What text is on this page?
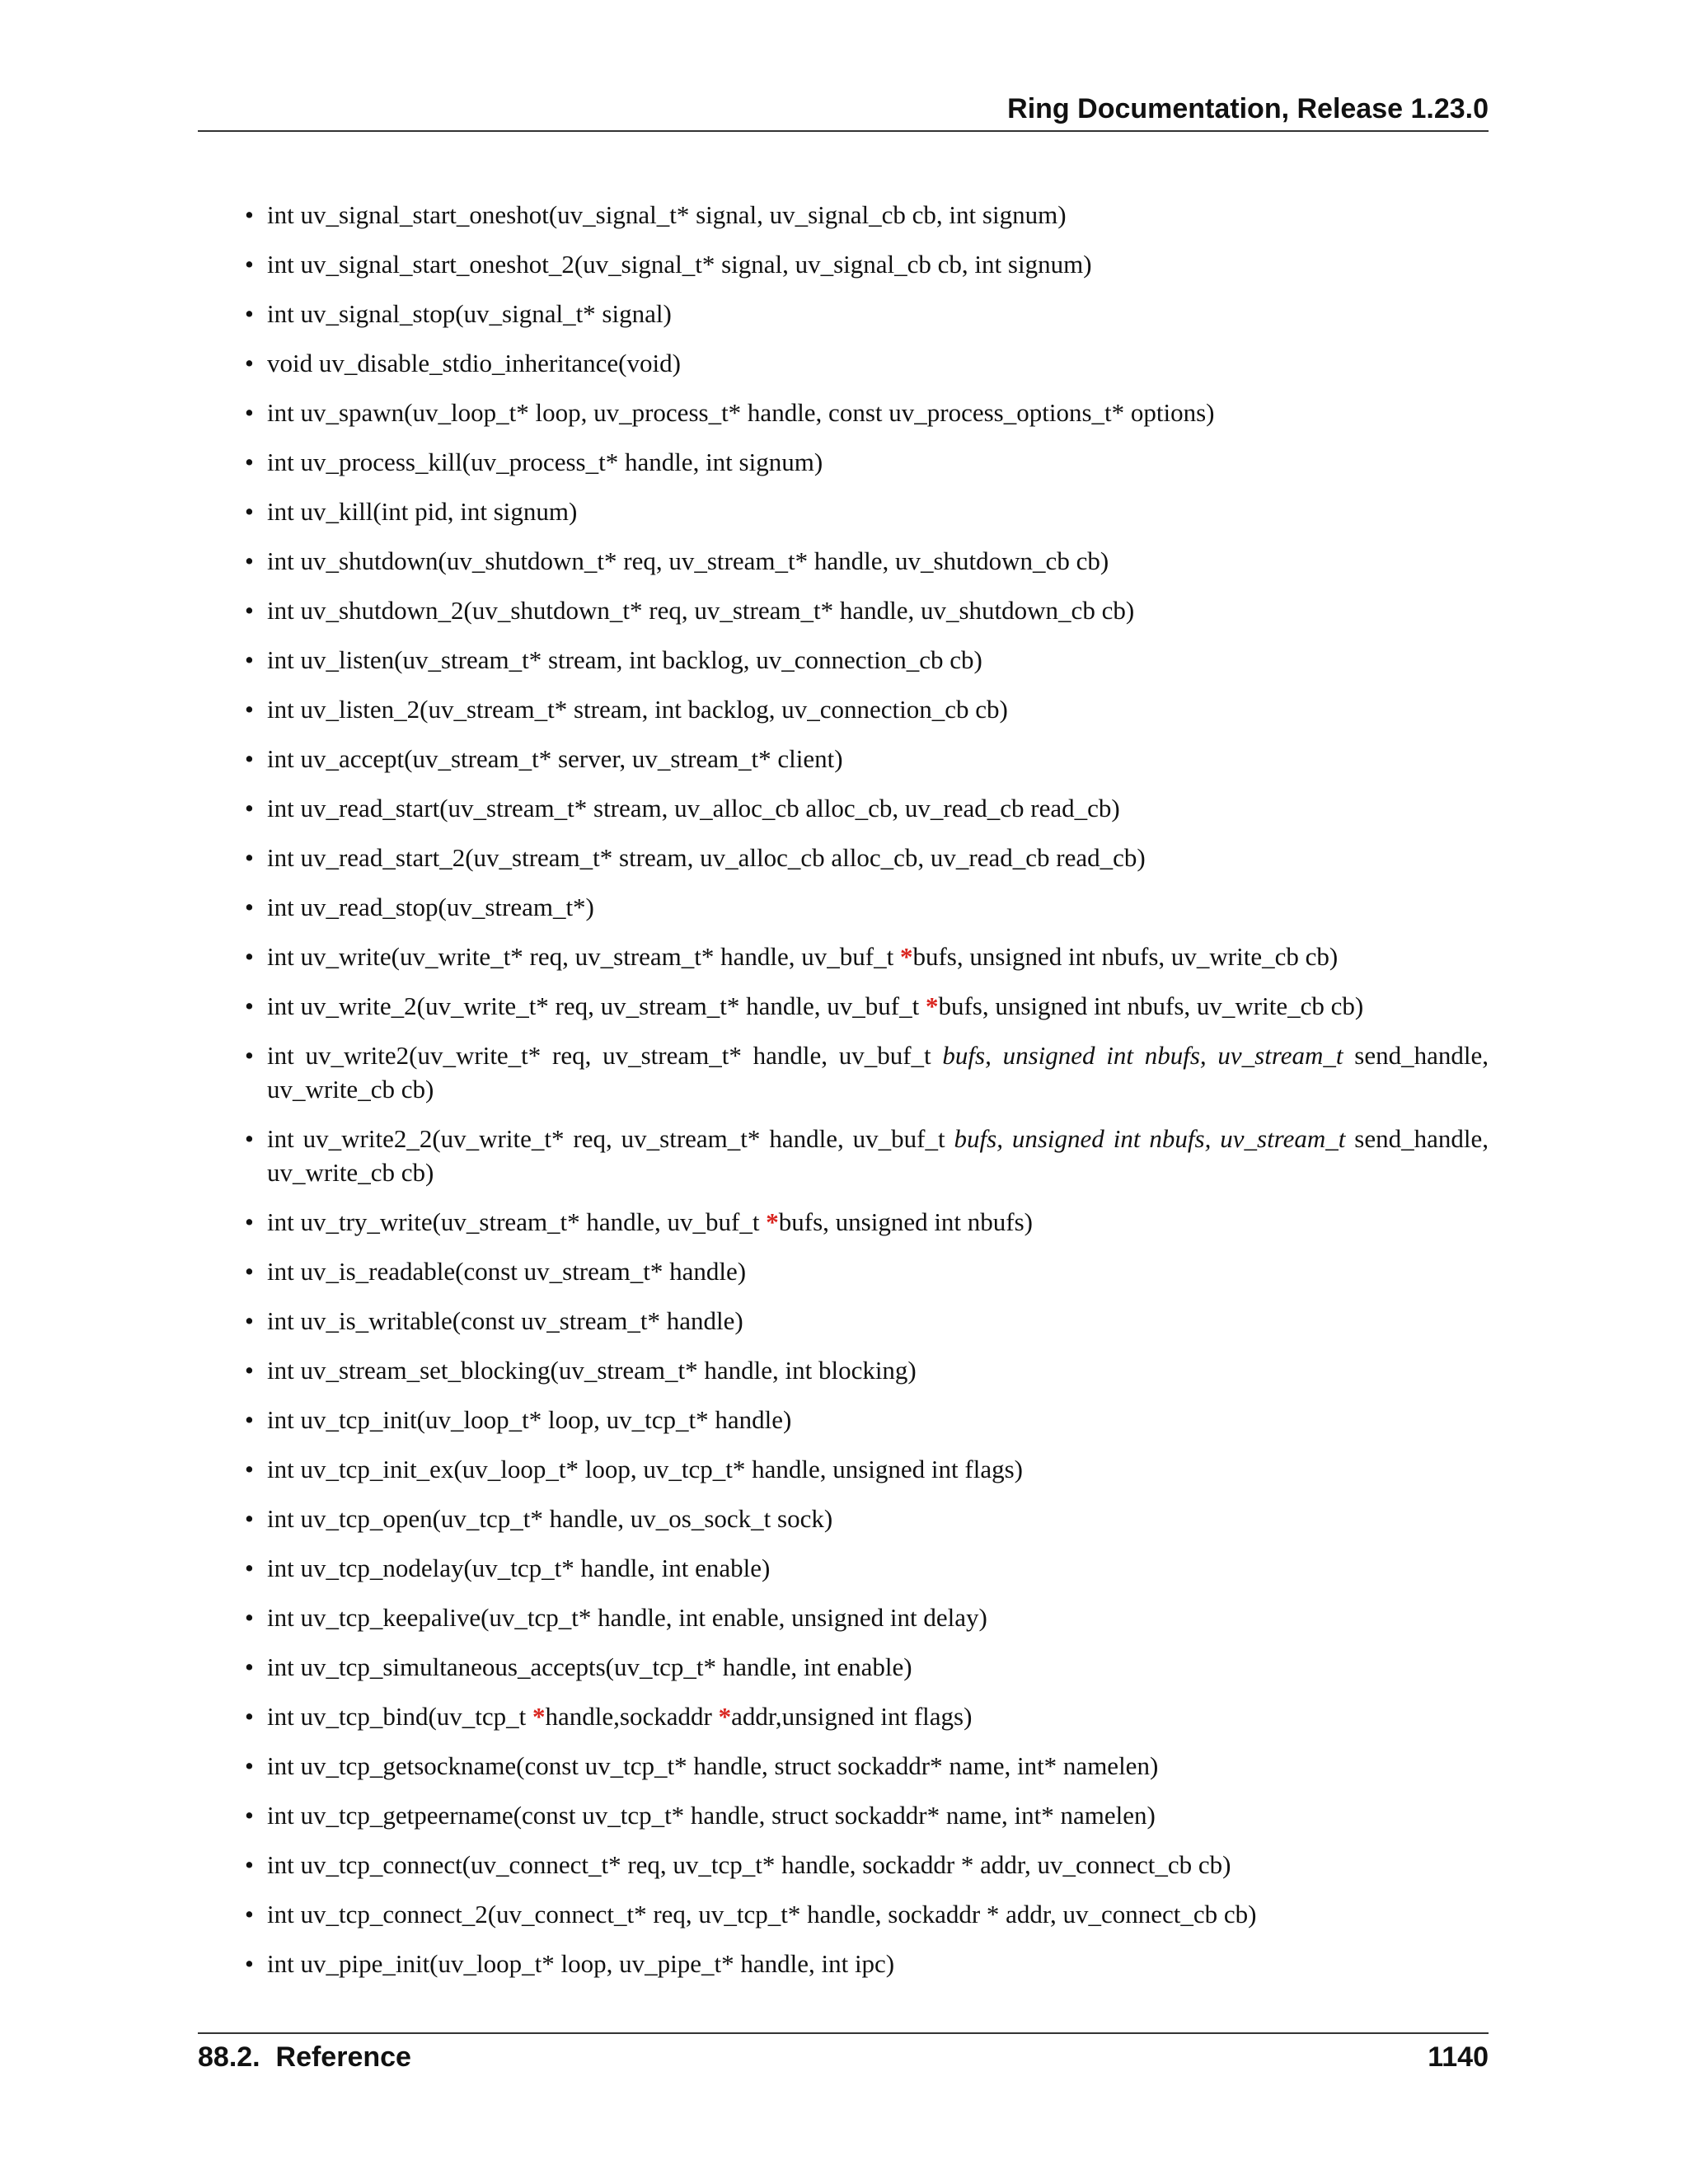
Ring Documentation, Release 1.23.0
• int uv_signal_start_oneshot(uv_signal_t* signal, uv_signal_cb cb, int signum)
• int uv_signal_start_oneshot_2(uv_signal_t* signal, uv_signal_cb cb, int signum)
• int uv_signal_stop(uv_signal_t* signal)
• void uv_disable_stdio_inheritance(void)
• int uv_spawn(uv_loop_t* loop, uv_process_t* handle, const uv_process_options_t* options)
• int uv_process_kill(uv_process_t* handle, int signum)
• int uv_kill(int pid, int signum)
• int uv_shutdown(uv_shutdown_t* req, uv_stream_t* handle, uv_shutdown_cb cb)
• int uv_shutdown_2(uv_shutdown_t* req, uv_stream_t* handle, uv_shutdown_cb cb)
• int uv_listen(uv_stream_t* stream, int backlog, uv_connection_cb cb)
• int uv_listen_2(uv_stream_t* stream, int backlog, uv_connection_cb cb)
• int uv_accept(uv_stream_t* server, uv_stream_t* client)
• int uv_read_start(uv_stream_t* stream, uv_alloc_cb alloc_cb, uv_read_cb read_cb)
• int uv_read_start_2(uv_stream_t* stream, uv_alloc_cb alloc_cb, uv_read_cb read_cb)
• int uv_read_stop(uv_stream_t*)
• int uv_write(uv_write_t* req, uv_stream_t* handle, uv_buf_t *bufs, unsigned int nbufs, uv_write_cb cb)
• int uv_write_2(uv_write_t* req, uv_stream_t* handle, uv_buf_t *bufs, unsigned int nbufs, uv_write_cb cb)
• int uv_write2(uv_write_t* req, uv_stream_t* handle, uv_buf_t bufs, unsigned int nbufs, uv_stream_t send_handle, uv_write_cb cb)
• int uv_write2_2(uv_write_t* req, uv_stream_t* handle, uv_buf_t bufs, unsigned int nbufs, uv_stream_t send_handle, uv_write_cb cb)
• int uv_try_write(uv_stream_t* handle, uv_buf_t *bufs, unsigned int nbufs)
• int uv_is_readable(const uv_stream_t* handle)
• int uv_is_writable(const uv_stream_t* handle)
• int uv_stream_set_blocking(uv_stream_t* handle, int blocking)
• int uv_tcp_init(uv_loop_t* loop, uv_tcp_t* handle)
• int uv_tcp_init_ex(uv_loop_t* loop, uv_tcp_t* handle, unsigned int flags)
• int uv_tcp_open(uv_tcp_t* handle, uv_os_sock_t sock)
• int uv_tcp_nodelay(uv_tcp_t* handle, int enable)
• int uv_tcp_keepalive(uv_tcp_t* handle, int enable, unsigned int delay)
• int uv_tcp_simultaneous_accepts(uv_tcp_t* handle, int enable)
• int uv_tcp_bind(uv_tcp_t *handle,sockaddr *addr,unsigned int flags)
• int uv_tcp_getsockname(const uv_tcp_t* handle, struct sockaddr* name, int* namelen)
• int uv_tcp_getpeername(const uv_tcp_t* handle, struct sockaddr* name, int* namelen)
• int uv_tcp_connect(uv_connect_t* req, uv_tcp_t* handle, sockaddr * addr, uv_connect_cb cb)
• int uv_tcp_connect_2(uv_connect_t* req, uv_tcp_t* handle, sockaddr * addr, uv_connect_cb cb)
• int uv_pipe_init(uv_loop_t* loop, uv_pipe_t* handle, int ipc)
88.2.  Reference	1140
